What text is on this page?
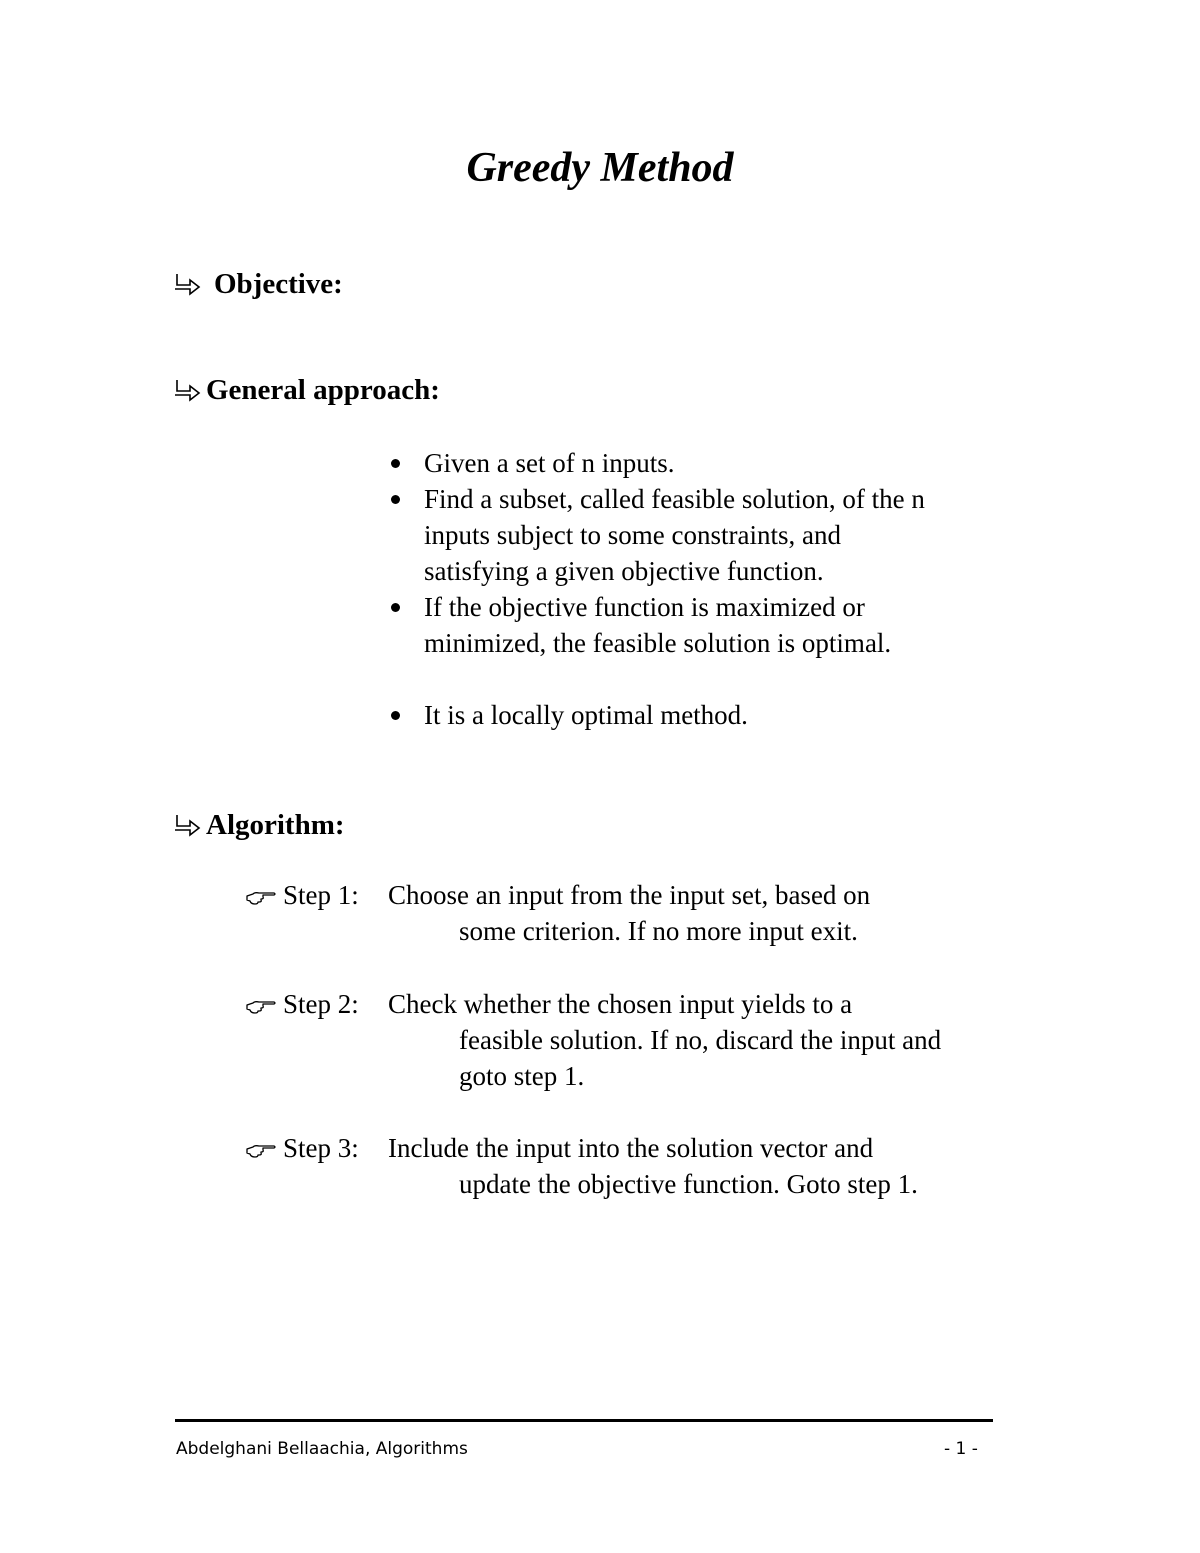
Greedy Method
Objective:
General approach:
Given a set of n inputs.
Find a subset, called feasible solution, of the n
inputs subject to some constraints, and
satisfying a given objective function.
If the objective function is maximized or
minimized, the feasible solution is optimal.
It is a locally optimal method.
Algorithm:
Step 1:	Choose an input from the input set, based on
some criterion. If no more input exit.
Step 2:	Check whether the chosen input yields to a
feasible solution. If no, discard the input and
goto step 1.
Step 3:	Include the input into the solution vector and
update the objective function. Goto step 1.
Abdelghani Bellaachia, Algorithms	- 1 -
